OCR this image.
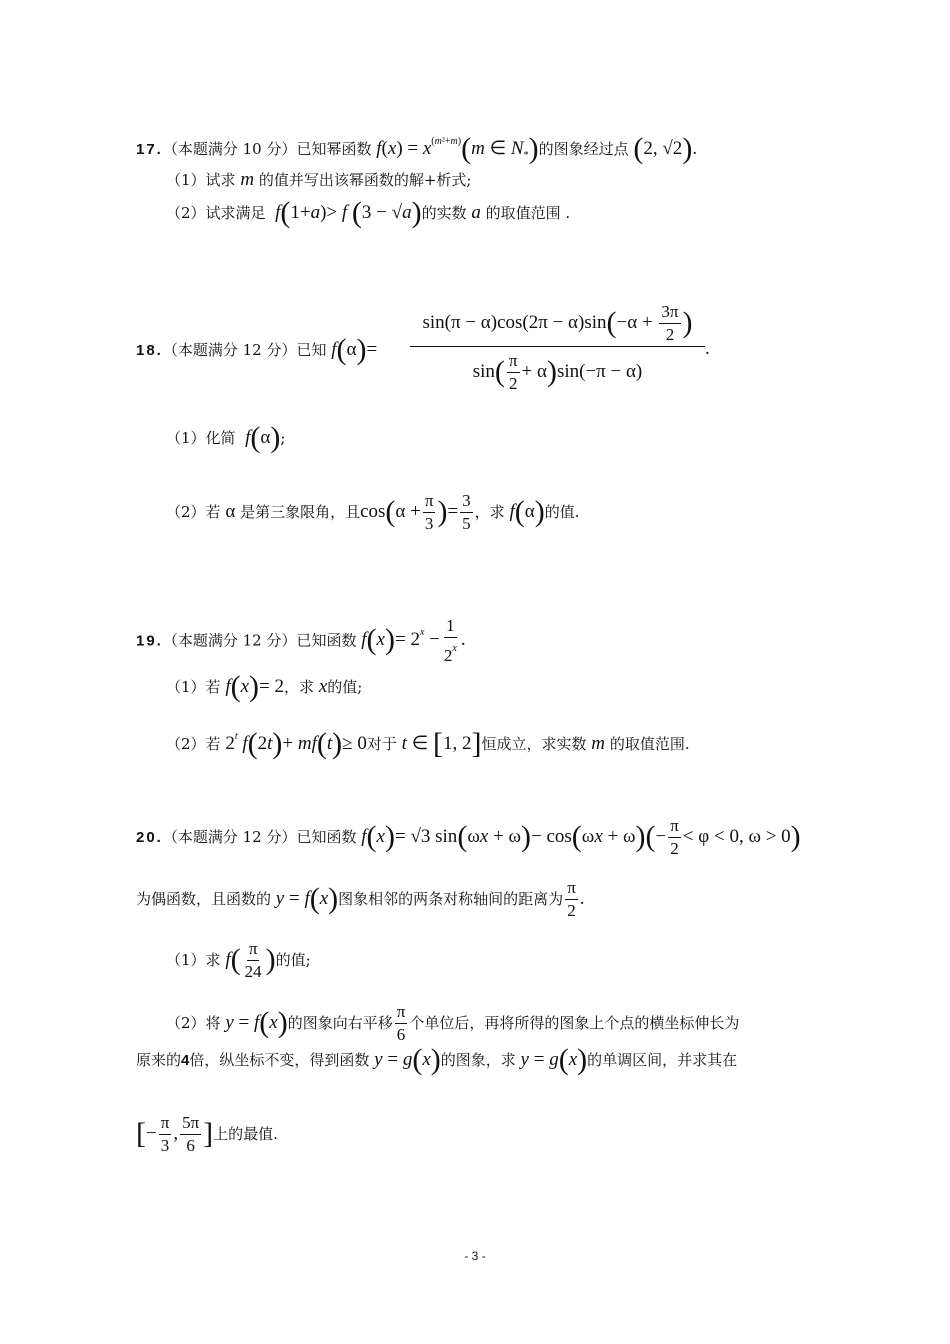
17.（本题满分 10 分）已知幂函数 $f(x) = x^{(m^2+m)}(m$ ∈ $N_*$)的图象经过点 (2, √2).
（1）试求 m 的值并写出该幂函数的解+析式;
（2）试求满足 f(1+a)> f (3 − √a)的实数 a 的取值范围 .
18.（本题满分 12 分）已知 $f(\alpha)= \frac{\sin(\pi - \alpha)\cos(2\pi - \alpha)\sin(-\alpha + \frac{3\pi}{2} )}{\sin( \frac{\pi}{2} + \alpha)\sin(-\pi - \alpha)}$ .
（1）化简 f(α);
（2）若 α 是第三象限角，且$\cos(\alpha + \frac{\pi}{3}$ )= $\frac{3}{5}$ ，求 f(α)的值.
19.（本题满分 12 分）已知函数 $f(x)= 2^x - \frac{1}{2^x}$ .
（1）若 f(x)= 2，求 x的值;
（2）若 2$^t$ f(2t)+ mf(t)≥ 0对于 t ∈ [1, 2]恒成立，求实数 m 的取值范围.
20.（本题满分 12 分）已知函数 f(x)= √3 $\sin(\omega x + \omega)- \cos(\omega x + \omega)(- \frac{\pi}{2} < \varphi < 0$, ω > 0)
为偶函数，且函数的 y = f(x)图象相邻的两条对称轴间的距离为 $\frac{\pi}{2}$ .
（1）求 $f( \frac{\pi}{24}$ )的值;
（2）将 y = f(x)的图象向右平移 $\frac{\pi}{6}$ 个单位后，再将所得的图象上个点的横坐标伸长为
原来的4倍，纵坐标不变，得到函数 y = g(x)的图象，求 y = g(x)的单调区间，并求其在
[− $\frac{\pi}{3}$ , $\frac{5\pi}{6}$ ]上的最值.
- 3 -
